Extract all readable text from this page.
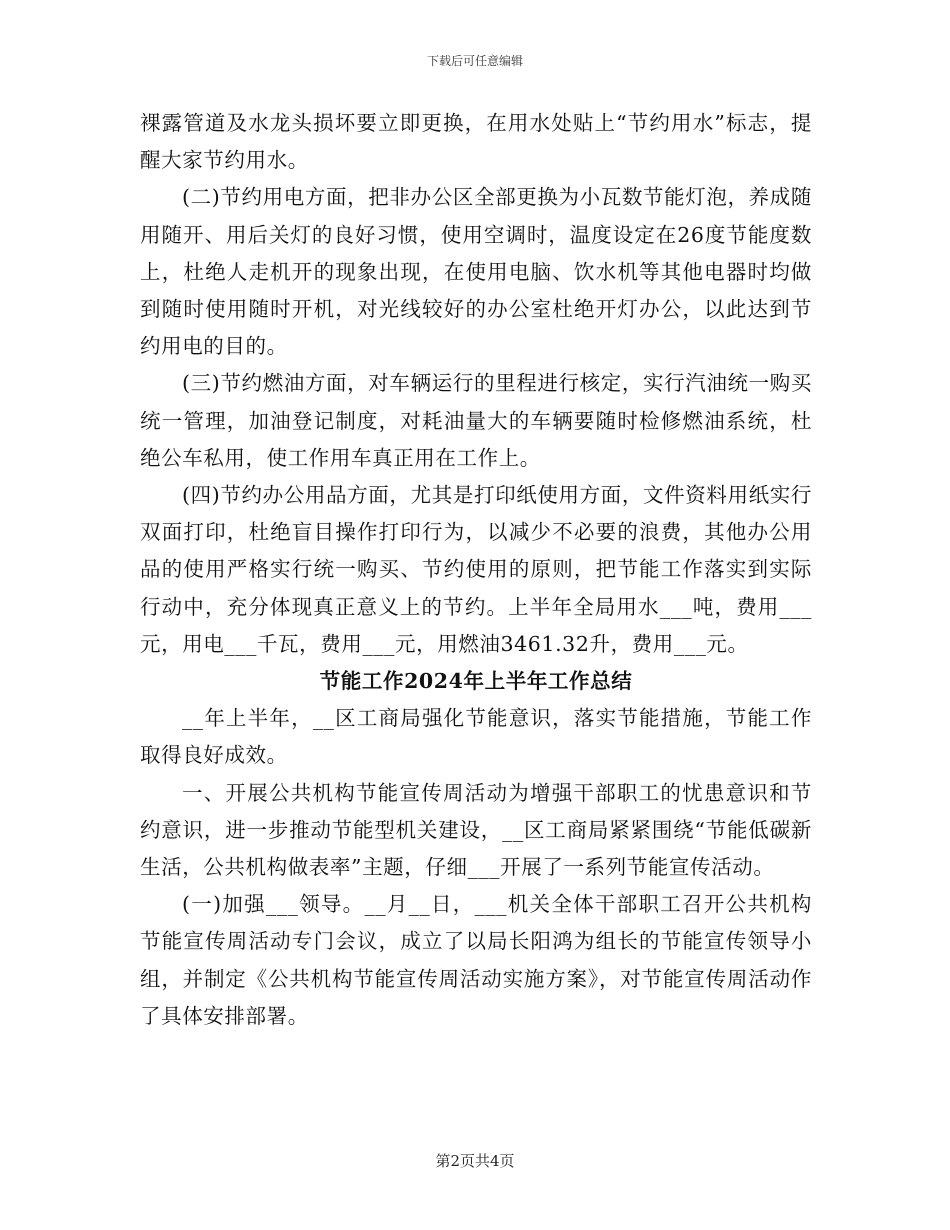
下载后可任意编辑

裸露管道及水龙头损坏要立即更换，在用水处贴上“节约用水”标志，提醒大家节约用水。

(二)节约用电方面，把非办公区全部更换为小瓦数节能灯泡，养成随用随开、用后关灯的良好习惯，使用空调时，温度设定在26度节能度数上，杜绝人走机开的现象出现，在使用电脑、饮水机等其他电器时均做到随时使用随时开机，对光线较好的办公室杜绝开灯办公，以此达到节约用电的目的。

(三)节约燃油方面，对车辆运行的里程进行核定，实行汽油统一购买统一管理，加油登记制度，对耗油量大的车辆要随时检修燃油系统，杜绝公车私用，使工作用车真正用在工作上。

(四)节约办公用品方面，尤其是打印纸使用方面，文件资料用纸实行双面打印，杜绝盲目操作打印行为，以减少不必要的浪费，其他办公用品的使用严格实行统一购买、节约使用的原则，把节能工作落实到实际行动中，充分体现真正意义上的节约。上半年全局用水___吨，费用___元，用电___千瓦，费用___元，用燃油3461.32升，费用___元。

节能工作2024年上半年工作总结

__年上半年，__区工商局强化节能意识，落实节能措施，节能工作取得良好成效。

一、开展公共机构节能宣传周活动为增强干部职工的忧患意识和节约意识，进一步推动节能型机关建设，__区工商局紧紧围绕“节能低碳新生活，公共机构做表率”主题，仔细___开展了一系列节能宣传活动。

(一)加强___领导。__月__日，___机关全体干部职工召开公共机构节能宣传周活动专门会议，成立了以局长阳鸿为组长的节能宣传领导小组，并制定《公共机构节能宣传周活动实施方案》，对节能宣传周活动作了具体安排部署。

第2页共4页
